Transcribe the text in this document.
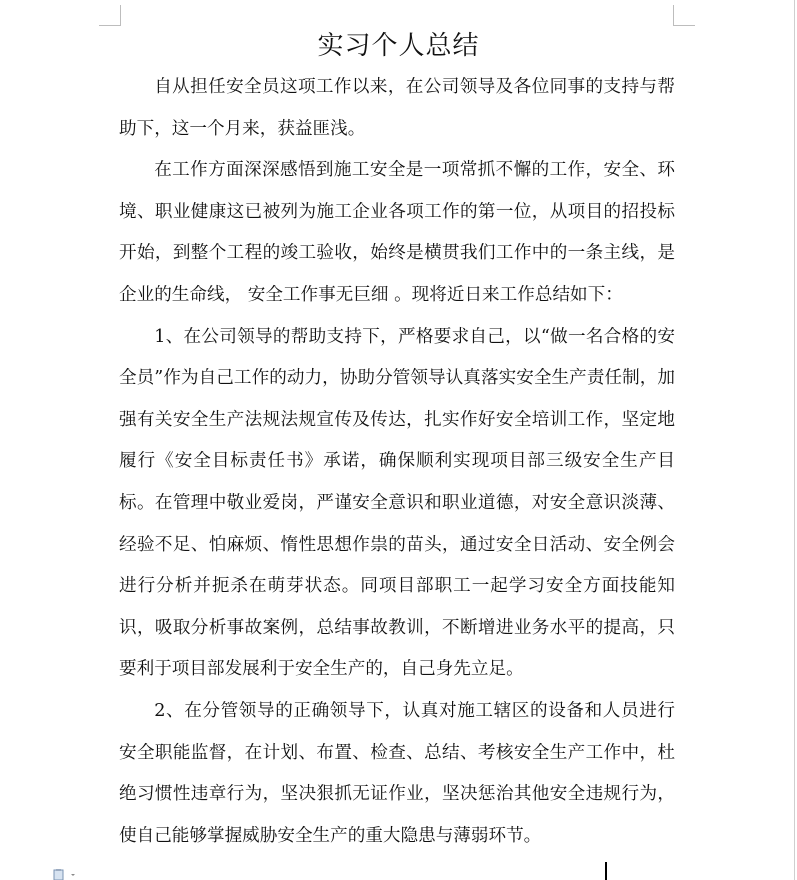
实习个人总结

自从担任安全员这项工作以来，在公司领导及各位同事的支持与帮助下，这一个月来，获益匪浅。

在工作方面深深感悟到施工安全是一项常抓不懈的工作，安全、环境、职业健康这已被列为施工企业各项工作的第一位，从项目的招投标开始，到整个工程的竣工验收，始终是横贯我们工作中的一条主线，是企业的生命线， 安全工作事无巨细 。现将近日来工作总结如下：

1、在公司领导的帮助支持下，严格要求自己，以“做一名合格的安全员”作为自己工作的动力，协助分管领导认真落实安全生产责任制，加强有关安全生产法规法规宣传及传达，扎实作好安全培训工作，坚定地履行《安全目标责任书》承诺，确保顺利实现项目部三级安全生产目标。在管理中敬业爱岗，严谨安全意识和职业道德，对安全意识淡薄、经验不足、怕麻烦、惰性思想作祟的苗头，通过安全日活动、安全例会进行分析并扼杀在萌芽状态。同项目部职工一起学习安全方面技能知识，吸取分析事故案例，总结事故教训，不断增进业务水平的提高，只要利于项目部发展利于安全生产的，自己身先立足。

2、在分管领导的正确领导下，认真对施工辖区的设备和人员进行安全职能监督，在计划、布置、检查、总结、考核安全生产工作中，杜绝习惯性违章行为，坚决狠抓无证作业，坚决惩治其他安全违规行为，使自己能够掌握威胁安全生产的重大隐患与薄弱环节。
